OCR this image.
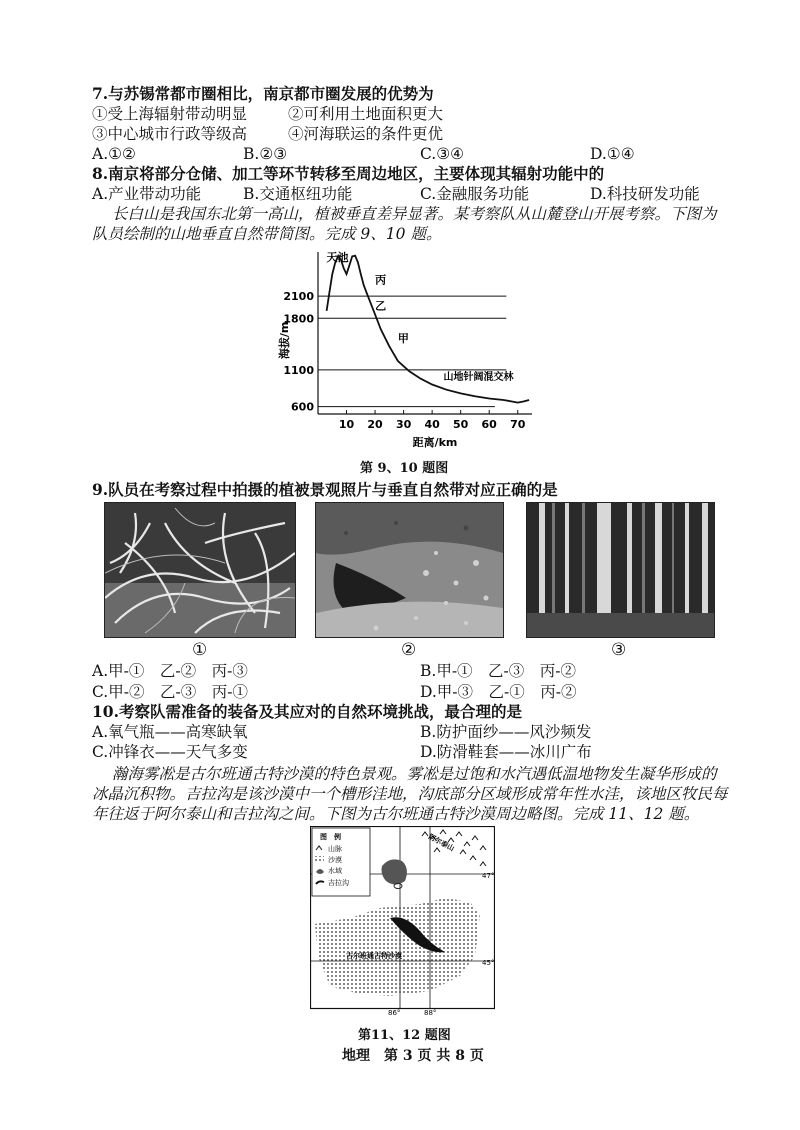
7.与苏锡常都市圈相比，南京都市圈发展的优势为
①受上海辐射带动明显	②可利用土地面积更大
③中心城市行政等级高	④河海联运的条件更优
A.①②	B.②③	C.③④	D.①④
8.南京将部分仓储、加工等环节转移至周边地区，主要体现其辐射功能中的
A.产业带动功能	B.交通枢纽功能	C.金融服务功能	D.科技研发功能
长白山是我国东北第一高山，植被垂直差异显著。某考察队从山麓登山开展考察。下图为
队员绘制的山地垂直自然带简图。完成 9、10 题。
10 20 30 40 50 60 70
600
1100
1800
2100
天池
丙
乙
甲
山地针阔混交林
距离/km
海拔/m
第 9、10 题图
9.队员在考察过程中拍摄的植被景观照片与垂直自然带对应正确的是
①	②	③
A.甲-①　乙-②　丙-③	B.甲-①　乙-③　丙-②
C.甲-②　乙-③　丙-①	D.甲-③　乙-①　丙-②
10.考察队需准备的装备及其应对的自然环境挑战，最合理的是
A.氧气瓶——高寒缺氧	B.防护面纱——风沙频发
C.冲锋衣——天气多变	D.防滑鞋套——冰川广布
瀚海雾凇是古尔班通古特沙漠的特色景观。雾凇是过饱和水汽遇低温地物发生凝华形成的
冰晶沉积物。吉拉沟是该沙漠中一个槽形洼地，沟底部分区域形成常年性水洼，该地区牧民每
年往返于阿尔泰山和吉拉沟之间。下图为古尔班通古特沙漠周边略图。完成 11、12 题。
图　例
山脉
沙漠
水域
吉拉沟
阿尔泰山
古尔班通古特沙漠
47°
45°
86°	88°
第11、12 题图
地理　第 3 页 共 8 页
